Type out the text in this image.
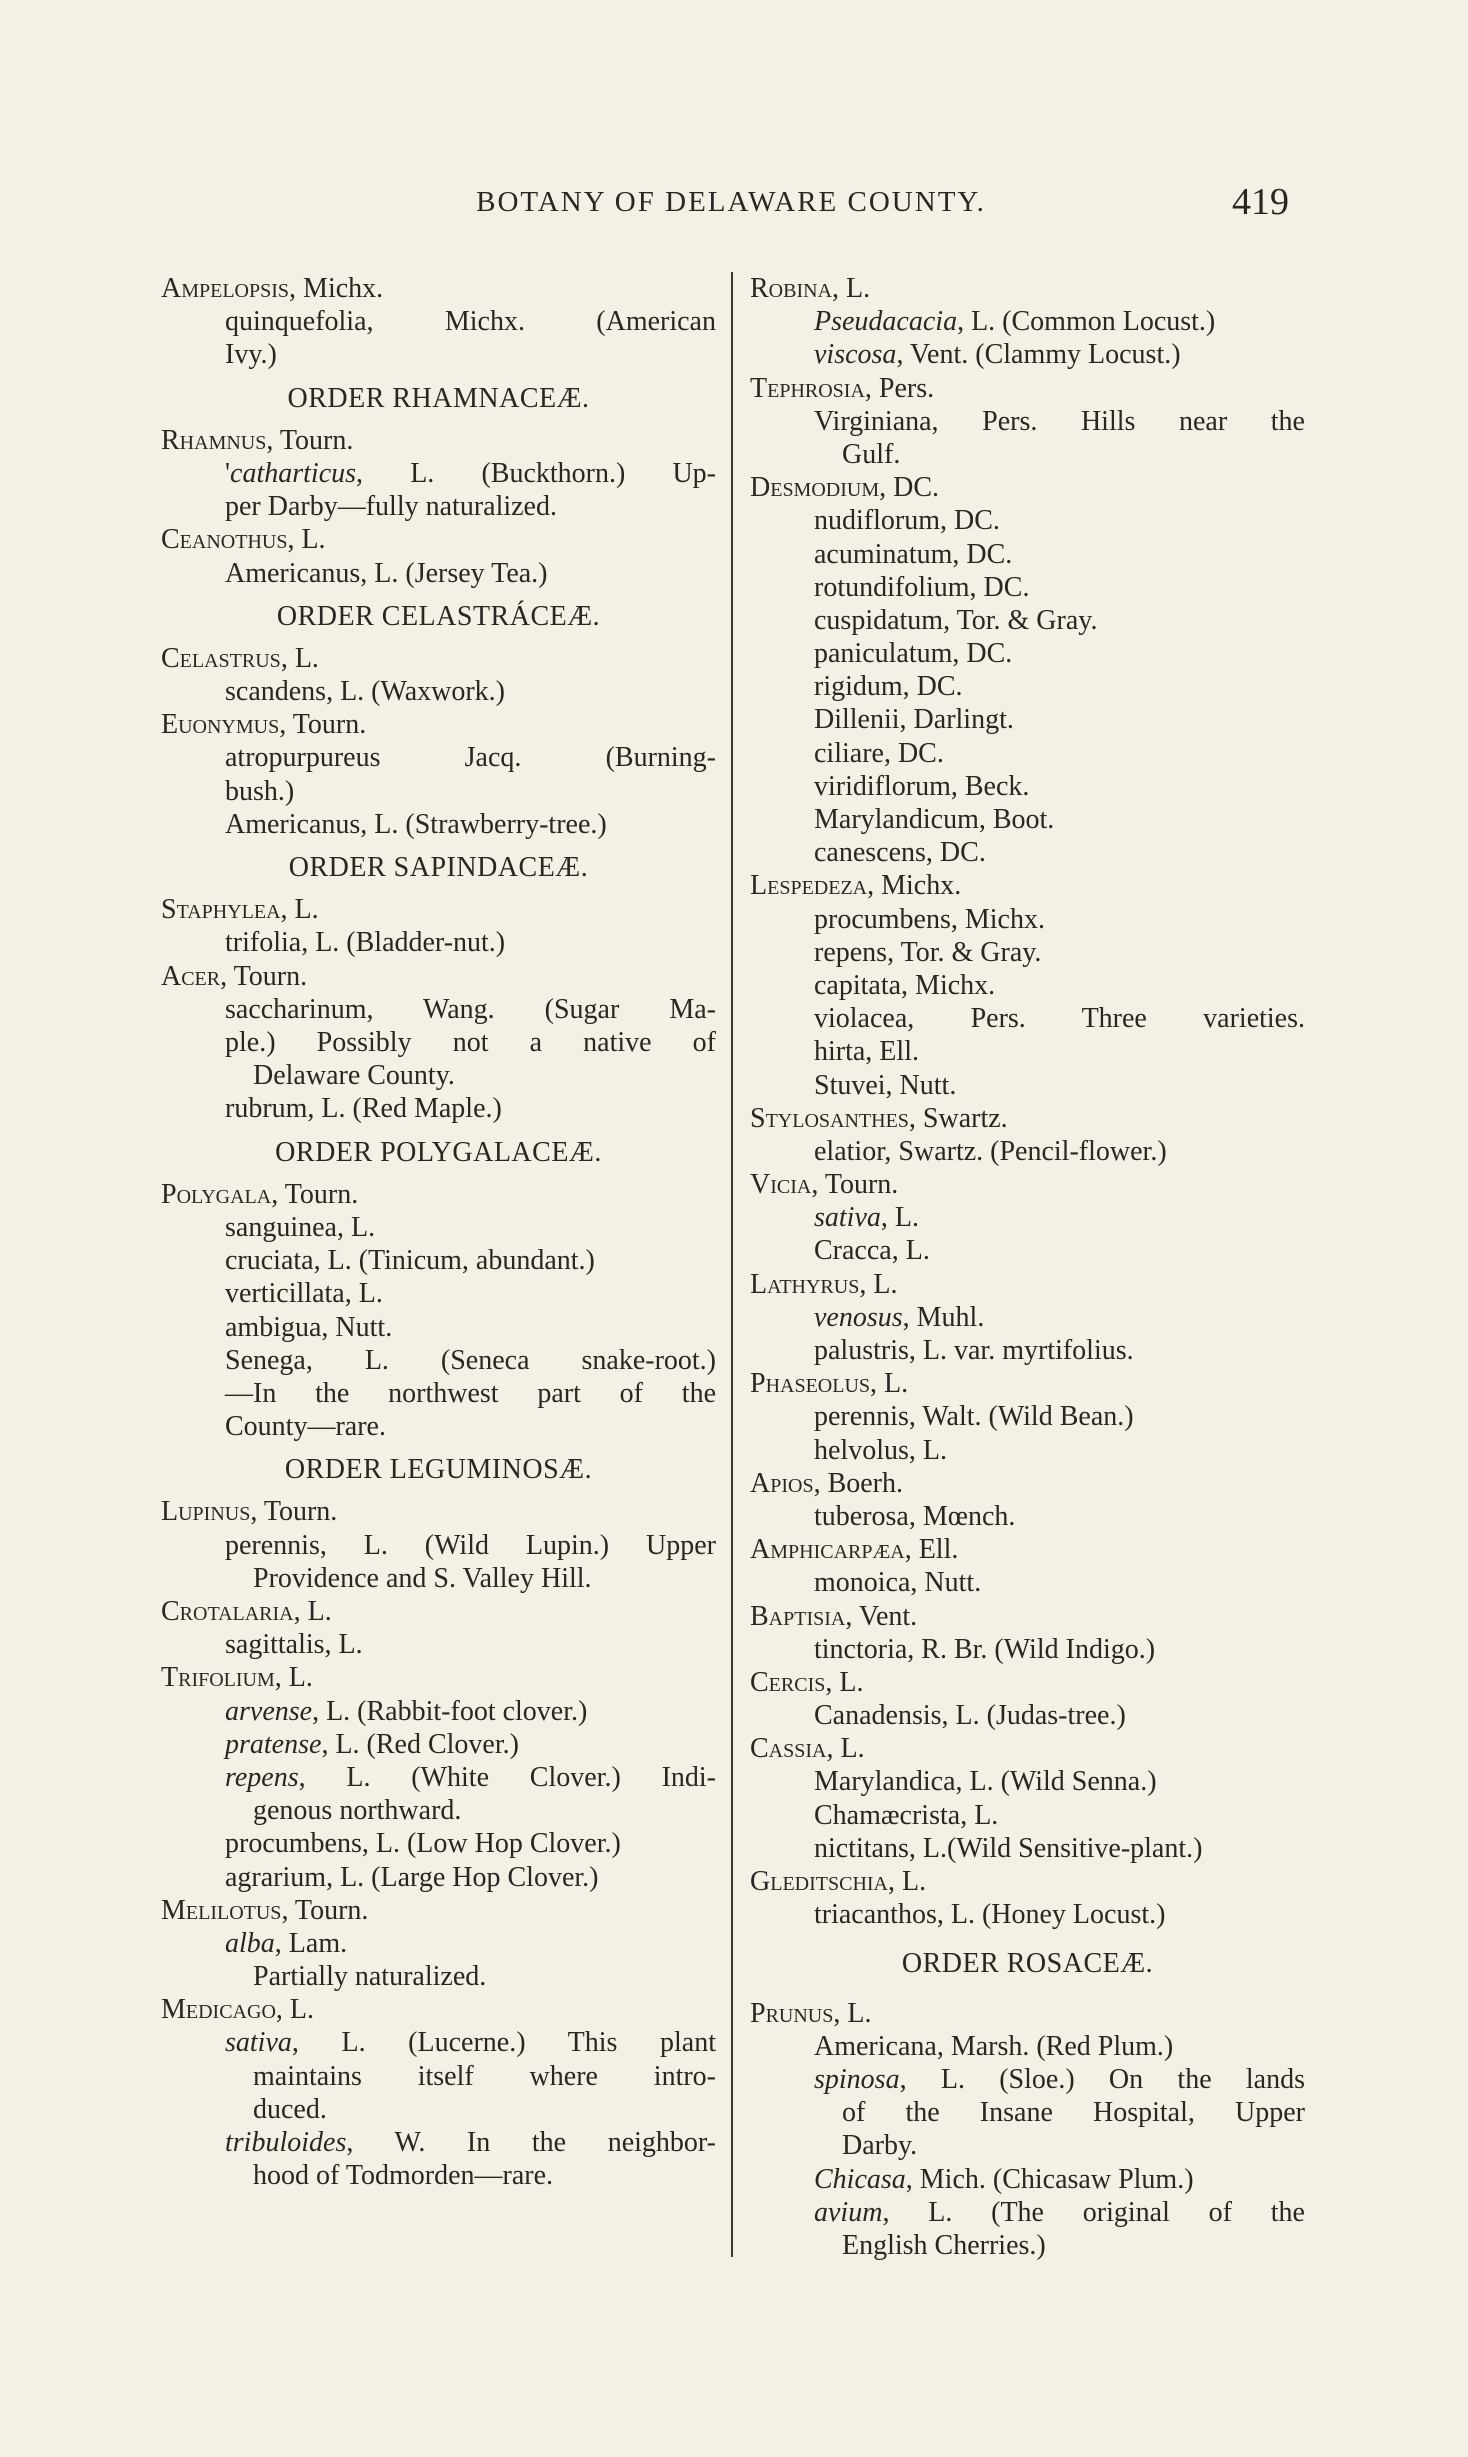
BOTANY OF DELAWARE COUNTY.	419
Ampelopsis, Michx.
quinquefolia, Michx. (American
Ivy.)
ORDER RHAMNACEÆ.
Rhamnus, Tourn.
'catharticus, L. (Buckthorn.) Up-
per Darby—fully naturalized.
Ceanothus, L.
Americanus, L. (Jersey Tea.)
ORDER CELASTRÁCEÆ.
Celastrus, L.
scandens, L. (Waxwork.)
Euonymus, Tourn.
atropurpureus Jacq. (Burning-
bush.)
Americanus, L. (Strawberry-tree.)
ORDER SAPINDACEÆ.
Staphylea, L.
trifolia, L. (Bladder-nut.)
Acer, Tourn.
saccharinum, Wang. (Sugar Ma-
ple.) Possibly not a native of
Delaware County.
rubrum, L. (Red Maple.)
ORDER POLYGALACEÆ.
Polygala, Tourn.
sanguinea, L.
cruciata, L. (Tinicum, abundant.)
verticillata, L.
ambigua, Nutt.
Senega, L. (Seneca snake-root.)
—In the northwest part of the
County—rare.
ORDER LEGUMINOSÆ.
Lupinus, Tourn.
perennis, L. (Wild Lupin.) Upper
Providence and S. Valley Hill.
Crotalaria, L.
sagittalis, L.
Trifolium, L.
arvense, L. (Rabbit-foot clover.)
pratense, L. (Red Clover.)
repens, L. (White Clover.) Indi-
genous northward.
procumbens, L. (Low Hop Clover.)
agrarium, L. (Large Hop Clover.)
Melilotus, Tourn.
alba, Lam.
Partially naturalized.
Medicago, L.
sativa, L. (Lucerne.) This plant
maintains itself where intro-
duced.
tribuloides, W. In the neighbor-
hood of Todmorden—rare.
Robina, L.
Pseudacacia, L. (Common Locust.)
viscosa, Vent. (Clammy Locust.)
Tephrosia, Pers.
Virginiana, Pers. Hills near the
Gulf.
Desmodium, DC.
nudiflorum, DC.
acuminatum, DC.
rotundifolium, DC.
cuspidatum, Tor. & Gray.
paniculatum, DC.
rigidum, DC.
Dillenii, Darlingt.
ciliare, DC.
viridiflorum, Beck.
Marylandicum, Boot.
canescens, DC.
Lespedeza, Michx.
procumbens, Michx.
repens, Tor. & Gray.
capitata, Michx.
violacea, Pers. Three varieties.
hirta, Ell.
Stuvei, Nutt.
Stylosanthes, Swartz.
elatior, Swartz. (Pencil-flower.)
Vicia, Tourn.
sativa, L.
Cracca, L.
Lathyrus, L.
venosus, Muhl.
palustris, L. var. myrtifolius.
Phaseolus, L.
perennis, Walt. (Wild Bean.)
helvolus, L.
Apios, Boerh.
tuberosa, Mœnch.
Amphicarpæa, Ell.
monoica, Nutt.
Baptisia, Vent.
tinctoria, R. Br. (Wild Indigo.)
Cercis, L.
Canadensis, L. (Judas-tree.)
Cassia, L.
Marylandica, L. (Wild Senna.)
Chamæcrista, L.
nictitans, L.(Wild Sensitive-plant.)
Gleditschia, L.
triacanthos, L. (Honey Locust.)
ORDER ROSACEÆ.
Prunus, L.
Americana, Marsh. (Red Plum.)
spinosa, L. (Sloe.) On the lands
of the Insane Hospital, Upper
Darby.
Chicasa, Mich. (Chicasaw Plum.)
avium, L. (The original of the
English Cherries.)
